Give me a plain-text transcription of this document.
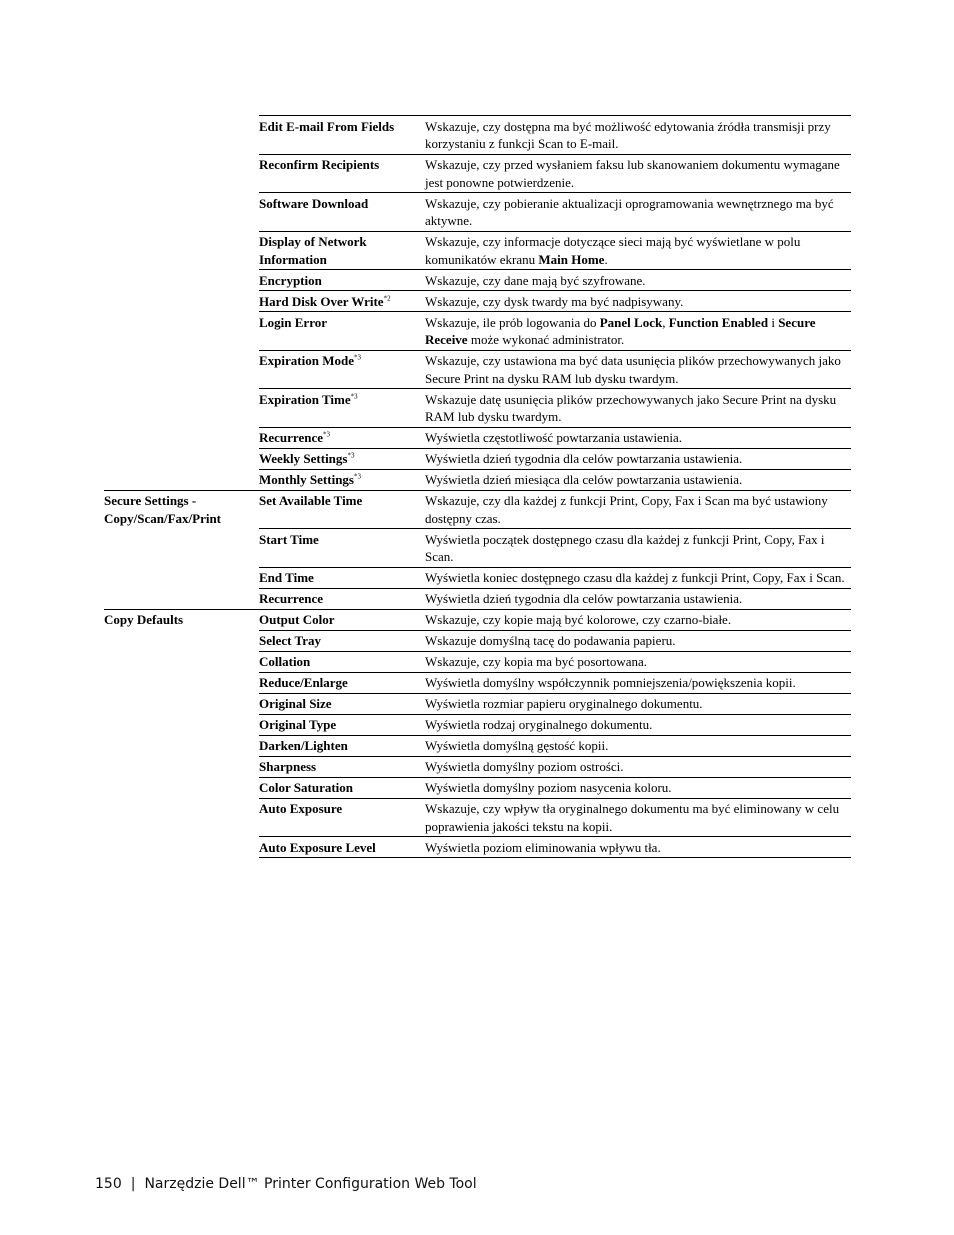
	Edit E-mail From Fields	Wskazuje, czy dostępna ma być możliwość edytowania źródła transmisji przy korzystaniu z funkcji Scan to E-mail.
	Reconfirm Recipients	Wskazuje, czy przed wysłaniem faksu lub skanowaniem dokumentu wymagane jest ponowne potwierdzenie.
	Software Download	Wskazuje, czy pobieranie aktualizacji oprogramowania wewnętrznego ma być aktywne.
	Display of Network Information	Wskazuje, czy informacje dotyczące sieci mają być wyświetlane w polu komunikatów ekranu Main Home.
	Encryption	Wskazuje, czy dane mają być szyfrowane.
	Hard Disk Over Write$^{*2}$	Wskazuje, czy dysk twardy ma być nadpisywany.
	Login Error	Wskazuje, ile prób logowania do Panel Lock, Function Enabled i Secure Receive może wykonać administrator.
	Expiration Mode$^{*3}$	Wskazuje, czy ustawiona ma być data usunięcia plików przechowywanych jako Secure Print na dysku RAM lub dysku twardym.
	Expiration Time$^{*3}$	Wskazuje datę usunięcia plików przechowywanych jako Secure Print na dysku RAM lub dysku twardym.
	Recurrence$^{*3}$	Wyświetla częstotliwość powtarzania ustawienia.
	Weekly Settings$^{*3}$	Wyświetla dzień tygodnia dla celów powtarzania ustawienia.
	Monthly Settings$^{*3}$	Wyświetla dzień miesiąca dla celów powtarzania ustawienia.
Secure Settings - Copy/Scan/Fax/Print	Set Available Time	Wskazuje, czy dla każdej z funkcji Print, Copy, Fax i Scan ma być ustawiony dostępny czas.
	Start Time	Wyświetla początek dostępnego czasu dla każdej z funkcji Print, Copy, Fax i Scan.
	End Time	Wyświetla koniec dostępnego czasu dla każdej z funkcji Print, Copy, Fax i Scan.
	Recurrence	Wyświetla dzień tygodnia dla celów powtarzania ustawienia.
Copy Defaults	Output Color	Wskazuje, czy kopie mają być kolorowe, czy czarno-białe.
	Select Tray	Wskazuje domyślną tacę do podawania papieru.
	Collation	Wskazuje, czy kopia ma być posortowana.
	Reduce/Enlarge	Wyświetla domyślny współczynnik pomniejszenia/powiększenia kopii.
	Original Size	Wyświetla rozmiar papieru oryginalnego dokumentu.
	Original Type	Wyświetla rodzaj oryginalnego dokumentu.
	Darken/Lighten	Wyświetla domyślną gęstość kopii.
	Sharpness	Wyświetla domyślny poziom ostrości.
	Color Saturation	Wyświetla domyślny poziom nasycenia koloru.
	Auto Exposure	Wskazuje, czy wpływ tła oryginalnego dokumentu ma być eliminowany w celu poprawienia jakości tekstu na kopii.
	Auto Exposure Level	Wyświetla poziom eliminowania wpływu tła.
150 | Narzędzie Dell™ Printer Configuration Web Tool
